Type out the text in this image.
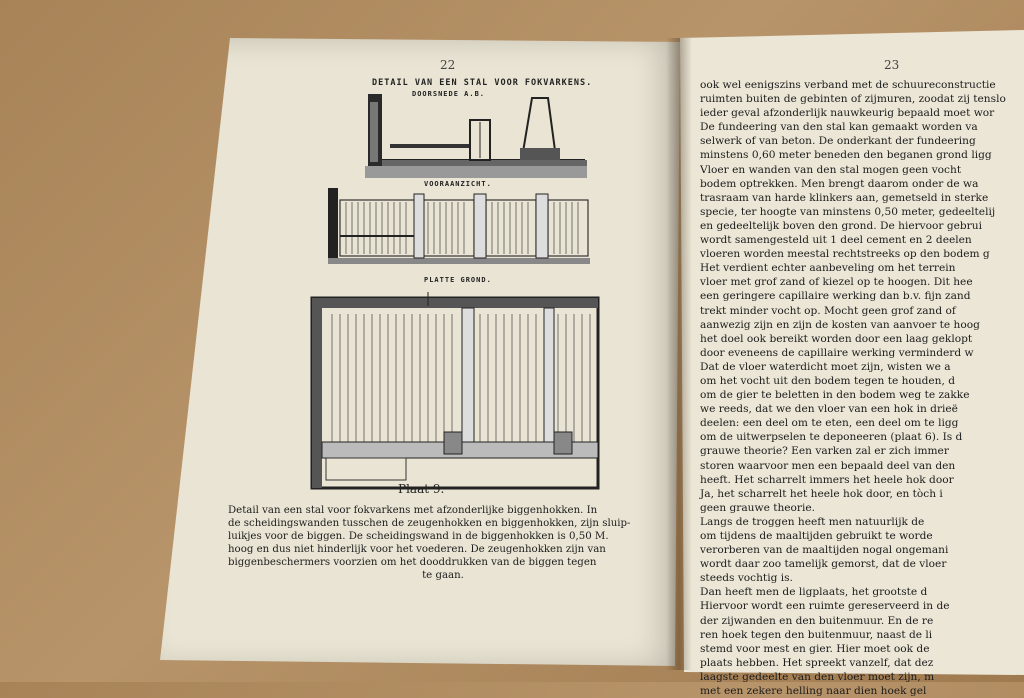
22
DETAIL VAN EEN STAL VOOR FOKVARKENS.
DOORSNEDE A.B.
VOORAANZICHT.
PLATTE GROND.
Plaat 9.
Detail van een stal voor fokvarkens met afzonderlijke biggenhokken. In
de scheidingswanden tusschen de zeugenhokken en biggenhokken, zijn sluip-
luikjes voor de biggen. De scheidingswand in de biggenhokken is 0,50 M.
hoog en dus niet hinderlijk voor het voederen. De zeugenhokken zijn van
biggenbeschermers voorzien om het dooddrukken van de biggen tegen
te gaan.
23
ook wel eenigszins verband met de schuureconstructie
ruimten buiten de gebinten of zijmuren, zoodat zij tenslo
ieder geval afzonderlijk nauwkeurig bepaald moet wor
De fundeering van den stal kan gemaakt worden va
selwerk of van beton. De onderkant der fundeering
minstens 0,60 meter beneden den beganen grond ligg
Vloer en wanden van den stal mogen geen vocht
bodem optrekken. Men brengt daarom onder de wa
trasraam van harde klinkers aan, gemetseld in sterke
specie, ter hoogte van minstens 0,50 meter, gedeeltelij
en gedeeltelijk boven den grond. De hiervoor gebrui
wordt samengesteld uit 1 deel cement en 2 deelen
vloeren worden meestal rechtstreeks op den bodem g
Het verdient echter aanbeveling om het terrein
vloer met grof zand of kiezel op te hoogen. Dit hee
een geringere capillaire werking dan b.v. fijn zand
trekt minder vocht op. Mocht geen grof zand of
aanwezig zijn en zijn de kosten van aanvoer te hoog
het doel ook bereikt worden door een laag geklopt
door eveneens de capillaire werking verminderd w
Dat de vloer waterdicht moet zijn, wisten we a
om het vocht uit den bodem tegen te houden, d
om de gier te beletten in den bodem weg te zakke
we reeds, dat we den vloer van een hok in drieë
deelen: een deel om te eten, een deel om te ligg
om de uitwerpselen te deponeeren (plaat 6). Is d
grauwe theorie? Een varken zal er zich immer
storen waarvoor men een bepaald deel van den
heeft. Het scharrelt immers het heele hok door
Ja, het scharrelt het heele hok door, en tòch i
geen grauwe theorie.
Langs de troggen heeft men natuurlijk de
om tijdens de maaltijden gebruikt te worde
verorberen van de maaltijden nogal ongemani
wordt daar zoo tamelijk gemorst, dat de vloer
steeds vochtig is.
Dan heeft men de ligplaats, het grootste d
Hiervoor wordt een ruimte gereserveerd in de
der zijwanden en den buitenmuur. En de re
ren hoek tegen den buitenmuur, naast de li
stemd voor mest en gier. Hier moet ook de
plaats hebben. Het spreekt vanzelf, dat dez
laagste gedeelte van den vloer moet zijn, m
met een zekere helling naar dien hoek gel
